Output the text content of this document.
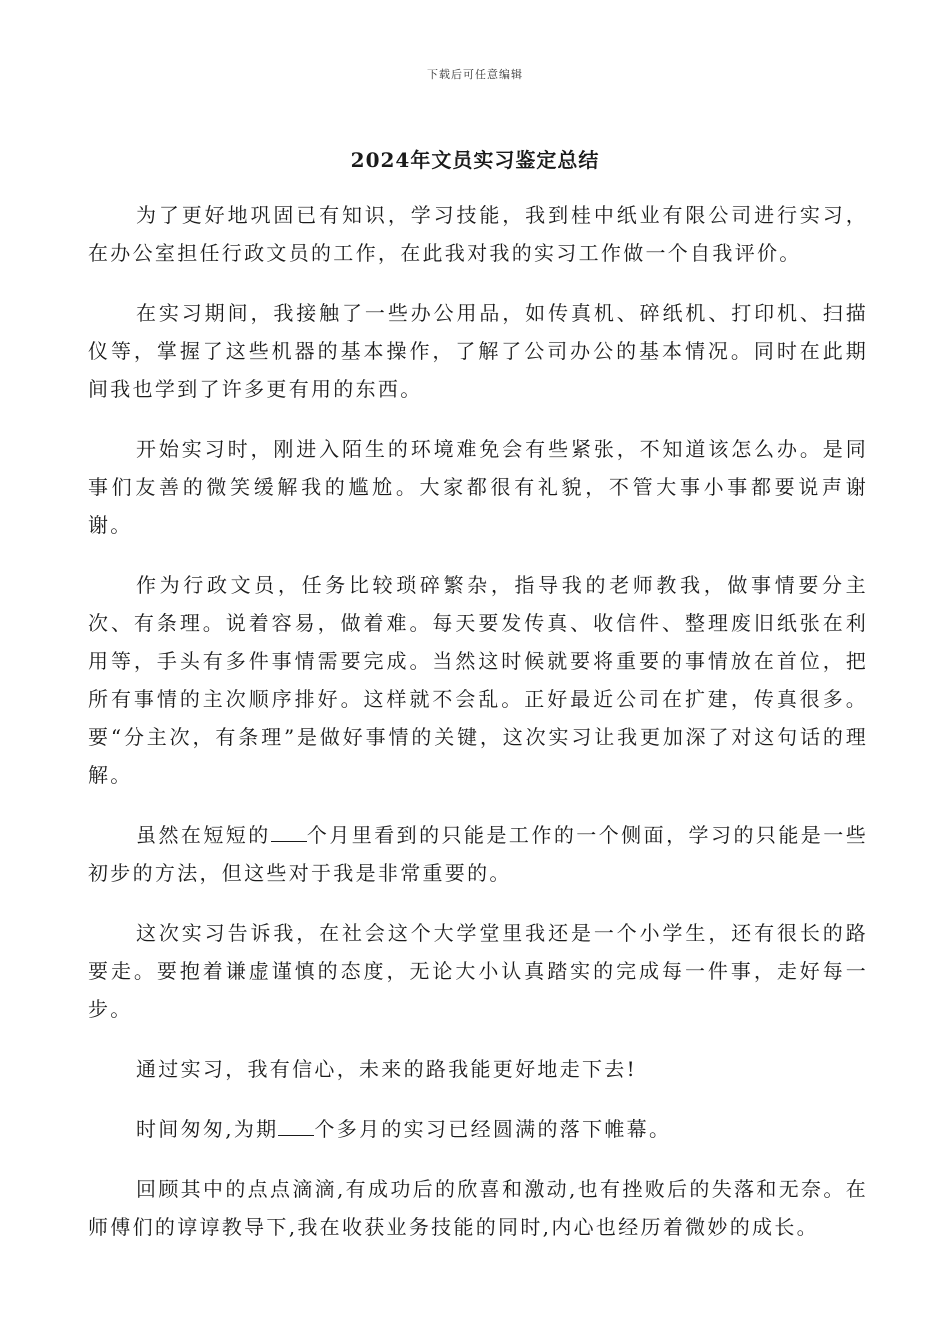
下载后可任意编辑
2024年文员实习鉴定总结

为了更好地巩固已有知识，学习技能，我到桂中纸业有限公司进行实习，在办公室担任行政文员的工作，在此我对我的实习工作做一个自我评价。

在实习期间，我接触了一些办公用品，如传真机、碎纸机、打印机、扫描仪等，掌握了这些机器的基本操作，了解了公司办公的基本情况。同时在此期间我也学到了许多更有用的东西。

开始实习时，刚进入陌生的环境难免会有些紧张，不知道该怎么办。是同事们友善的微笑缓解我的尴尬。大家都很有礼貌，不管大事小事都要说声谢谢。

作为行政文员，任务比较琐碎繁杂，指导我的老师教我，做事情要分主次、有条理。说着容易，做着难。每天要发传真、收信件、整理废旧纸张在利用等，手头有多件事情需要完成。当然这时候就要将重要的事情放在首位，把所有事情的主次顺序排好。这样就不会乱。正好最近公司在扩建，传真很多。 要“分主次，有条理”是做好事情的关键，这次实习让我更加深了对这句话的理解。

虽然在短短的 个月里看到的只能是工作的一个侧面，学习的只能是一些初步的方法，但这些对于我是非常重要的。

这次实习告诉我，在社会这个大学堂里我还是一个小学生，还有很长的路要走。要抱着谦虚谨慎的态度，无论大小认真踏实的完成每一件事，走好每一步。

通过实习，我有信心，未来的路我能更好地走下去!

时间匆匆,为期 个多月的实习已经圆满的落下帷幕。

回顾其中的点点滴滴,有成功后的欣喜和激动,也有挫败后的失落和无奈。在师傅们的谆谆教导下,我在收获业务技能的同时,内心也经历着微妙的成长。
